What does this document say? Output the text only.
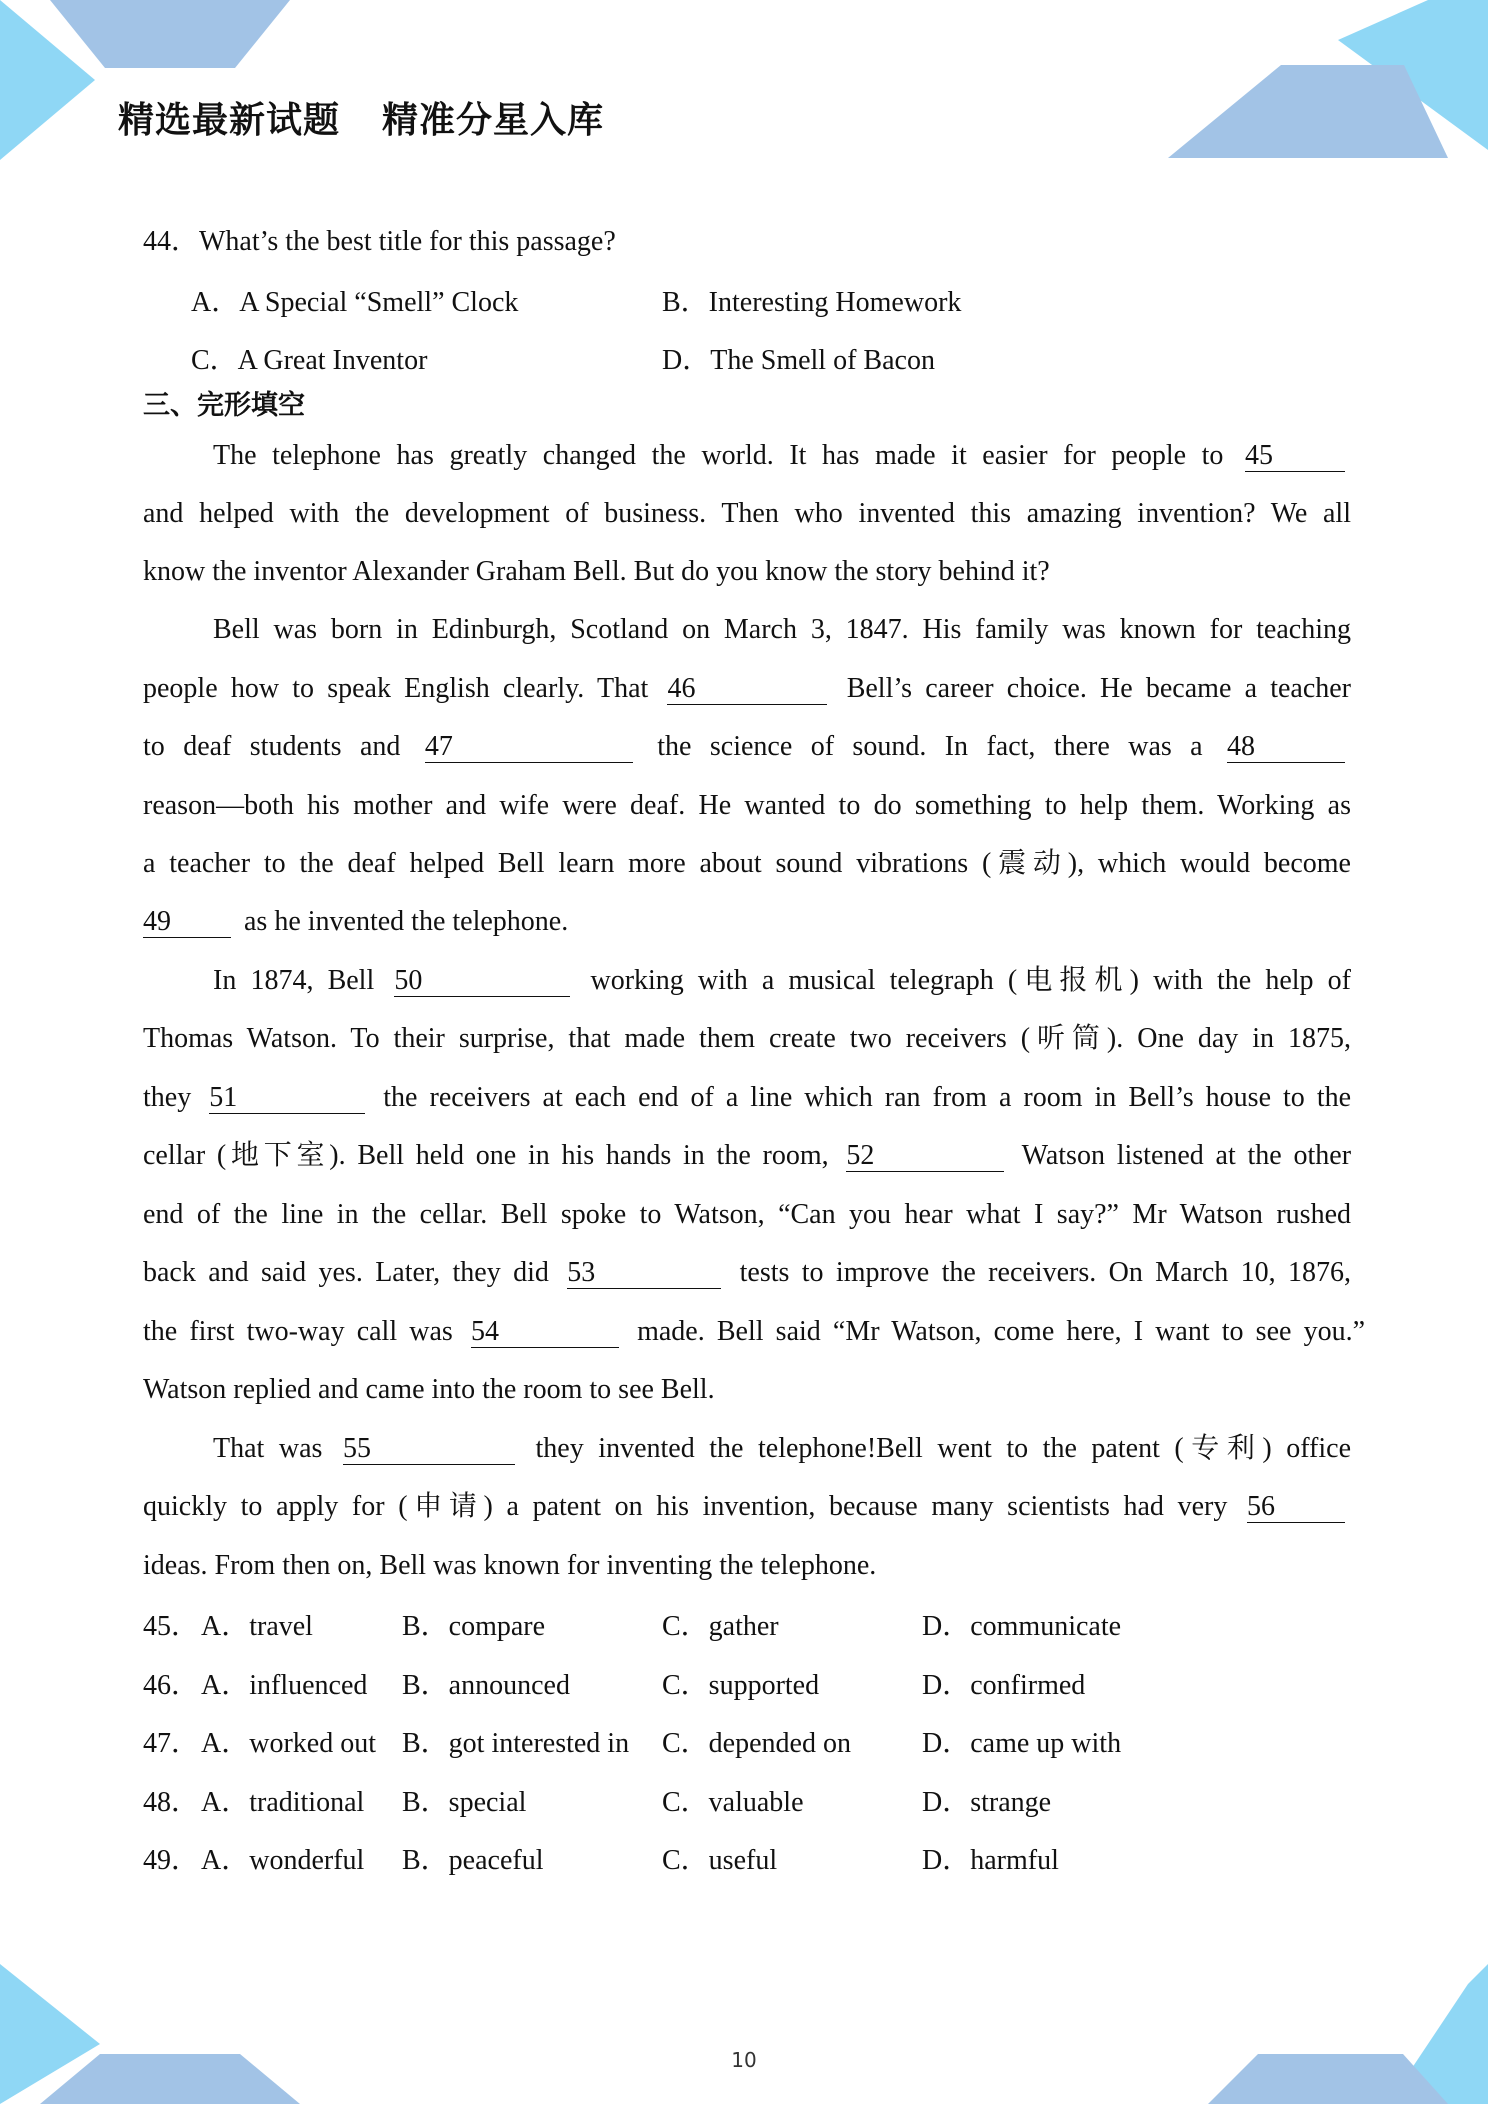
精选最新试题 精准分星入库
44．What’s the best title for this passage?
A．A Special “Smell” Clock	B．Interesting Homework
C．A Great Inventor	D．The Smell of Bacon
三、完形填空
The telephone has greatly changed the world. It has made it easier for people to 45
and helped with the development of business. Then who invented this amazing invention? We all
know the inventor Alexander Graham Bell. But do you know the story behind it?
Bell was born in Edinburgh, Scotland on March 3, 1847. His family was known for teaching
people how to speak English clearly. That 46	Bell’s career choice. He became a teacher
to deaf students and 47	the science of sound. In fact, there was a 48
reason—both his mother and wife were deaf. He wanted to do something to help them. Working as
a teacher to the deaf helped Bell learn more about sound vibrations (震动), which would become
49	as he invented the telephone.
In 1874, Bell 50	working with a musical telegraph (电报机) with the help of
Thomas Watson. To their surprise, that made them create two receivers (听筒). One day in 1875,
they 51	the receivers at each end of a line which ran from a room in Bell’s house to the
cellar (地下室). Bell held one in his hands in the room, 52	Watson listened at the other
end of the line in the cellar. Bell spoke to Watson, “Can you hear what I say?” Mr Watson rushed
back and said yes. Later, they did 53	tests to improve the receivers. On March 10, 1876,
the first two-way call was 54	made. Bell said “Mr Watson, come here, I want to see you.”
Watson replied and came into the room to see Bell.
That was 55	they invented the telephone!Bell went to the patent (专利) office
quickly to apply for (申请) a patent on his invention, because many scientists had very 56
ideas. From then on, Bell was known for inventing the telephone.
45． A．travel	B．compare	C．gather	D．communicate
46． A．influenced B．announced	C．supported	D．confirmed
47． A．worked out B．got interested in C．depended on	D．came up with
48． A．traditional B．special	C．valuable	D．strange
49． A．wonderful B．peaceful	C．useful	D．harmful
10
